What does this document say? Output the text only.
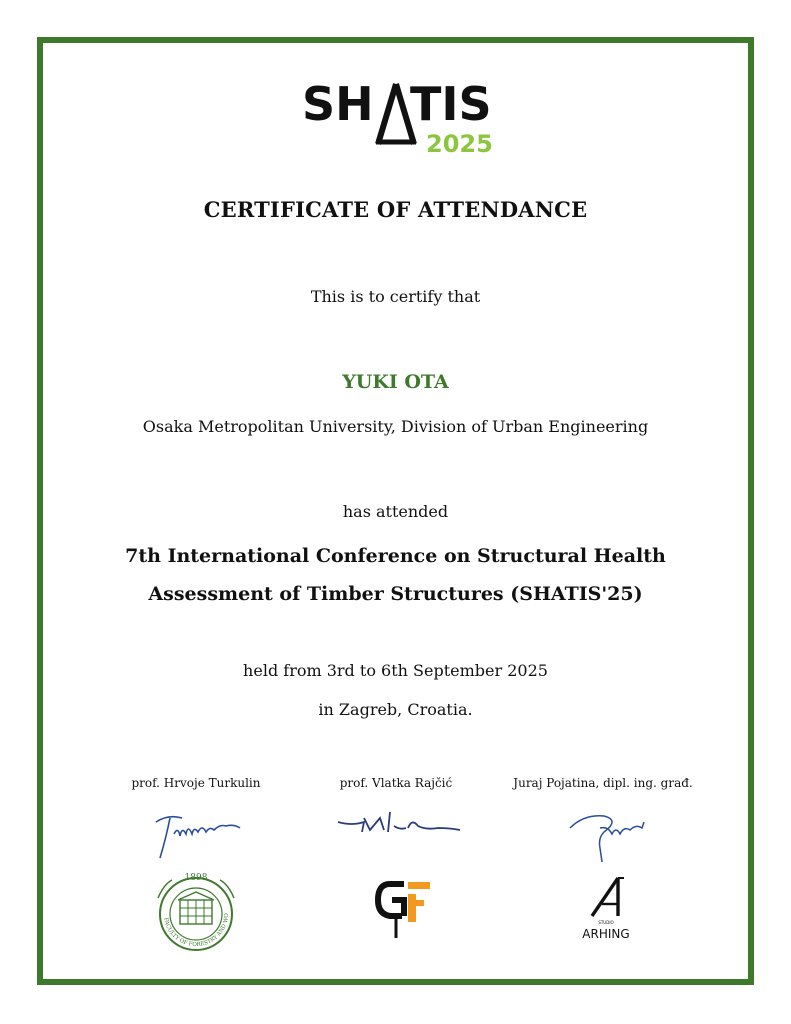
SH TIS
2025
CERTIFICATE OF ATTENDANCE
This is to certify that
YUKI OTA
Osaka Metropolitan University, Division of Urban Engineering
has attended
7th International Conference on Structural Health
Assessment of Timber Structures (SHATIS'25)
held from 3rd to 6th September 2025
in Zagreb, Croatia.
prof. Hrvoje Turkulin	prof. Vlatka Rajčić	Juraj Pojatina, dipl. ing. građ.
1898
FACULTY OF FORESTRY AND WO
STUDIO
ARHING
